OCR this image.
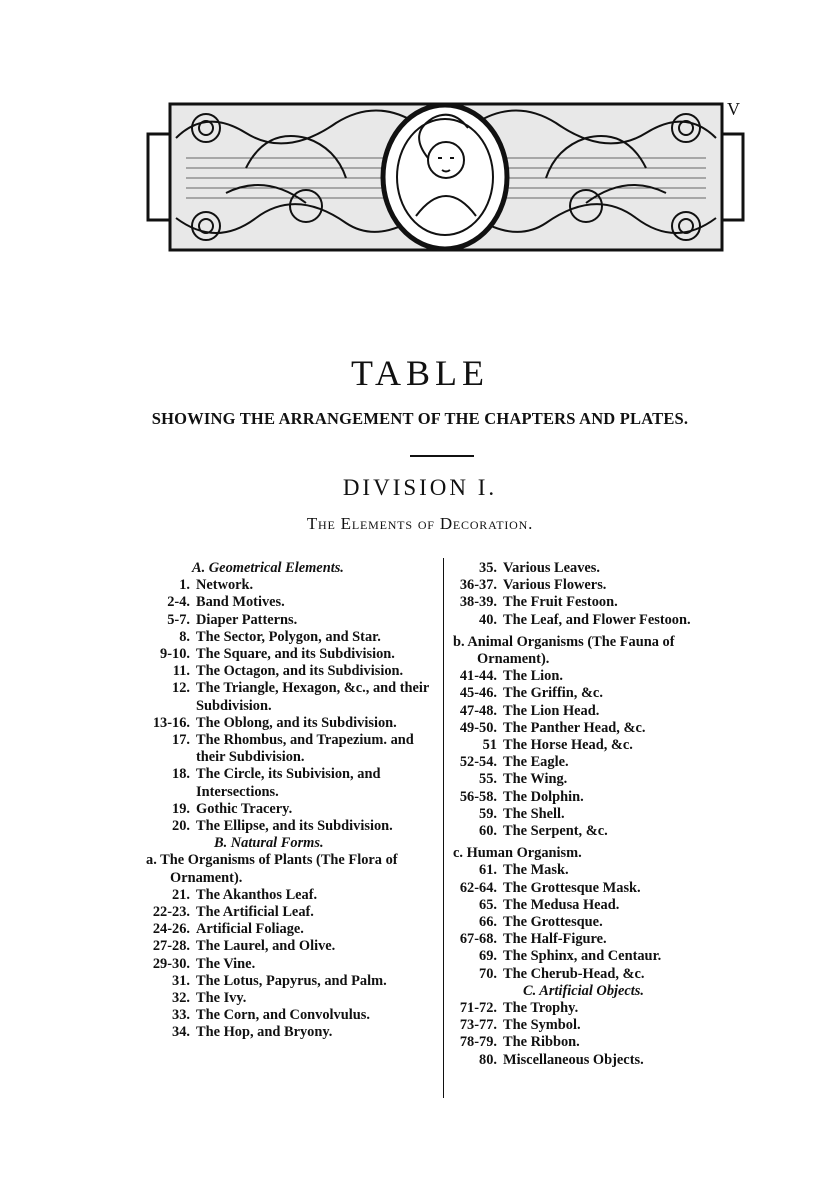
V
TABLE
SHOWING THE ARRANGEMENT OF THE CHAPTERS AND PLATES.
DIVISION I.
The Elements of Decoration.
A. Geometrical Elements.
1. Network.
2-4. Band Motives.
5-7. Diaper Patterns.
8. The Sector, Polygon, and Star.
9-10. The Square, and its Subdivision.
11. The Octagon, and its Subdivision.
12. The Triangle, Hexagon, &c., and their Subdivision.
13-16. The Oblong, and its Subdivision.
17. The Rhombus, and Trapezium. and their Subdivision.
18. The Circle, its Subivision, and Intersections.
19. Gothic Tracery.
20. The Ellipse, and its Subdivision.
B. Natural Forms.
a. The Organisms of Plants (The Flora of Ornament).
21. The Akanthos Leaf.
22-23. The Artificial Leaf.
24-26. Artificial Foliage.
27-28. The Laurel, and Olive.
29-30. The Vine.
31. The Lotus, Papyrus, and Palm.
32. The Ivy.
33. The Corn, and Convolvulus.
34. The Hop, and Bryony.
35. Various Leaves.
36-37. Various Flowers.
38-39. The Fruit Festoon.
40. The Leaf, and Flower Festoon.
b. Animal Organisms (The Fauna of Ornament).
41-44. The Lion.
45-46. The Griffin, &c.
47-48. The Lion Head.
49-50. The Panther Head, &c.
51 The Horse Head, &c.
52-54. The Eagle.
55. The Wing.
56-58. The Dolphin.
59. The Shell.
60. The Serpent, &c.
c. Human Organism.
61. The Mask.
62-64. The Grottesque Mask.
65. The Medusa Head.
66. The Grottesque.
67-68. The Half-Figure.
69. The Sphinx, and Centaur.
70. The Cherub-Head, &c.
C. Artificial Objects.
71-72. The Trophy.
73-77. The Symbol.
78-79. The Ribbon.
80. Miscellaneous Objects.
